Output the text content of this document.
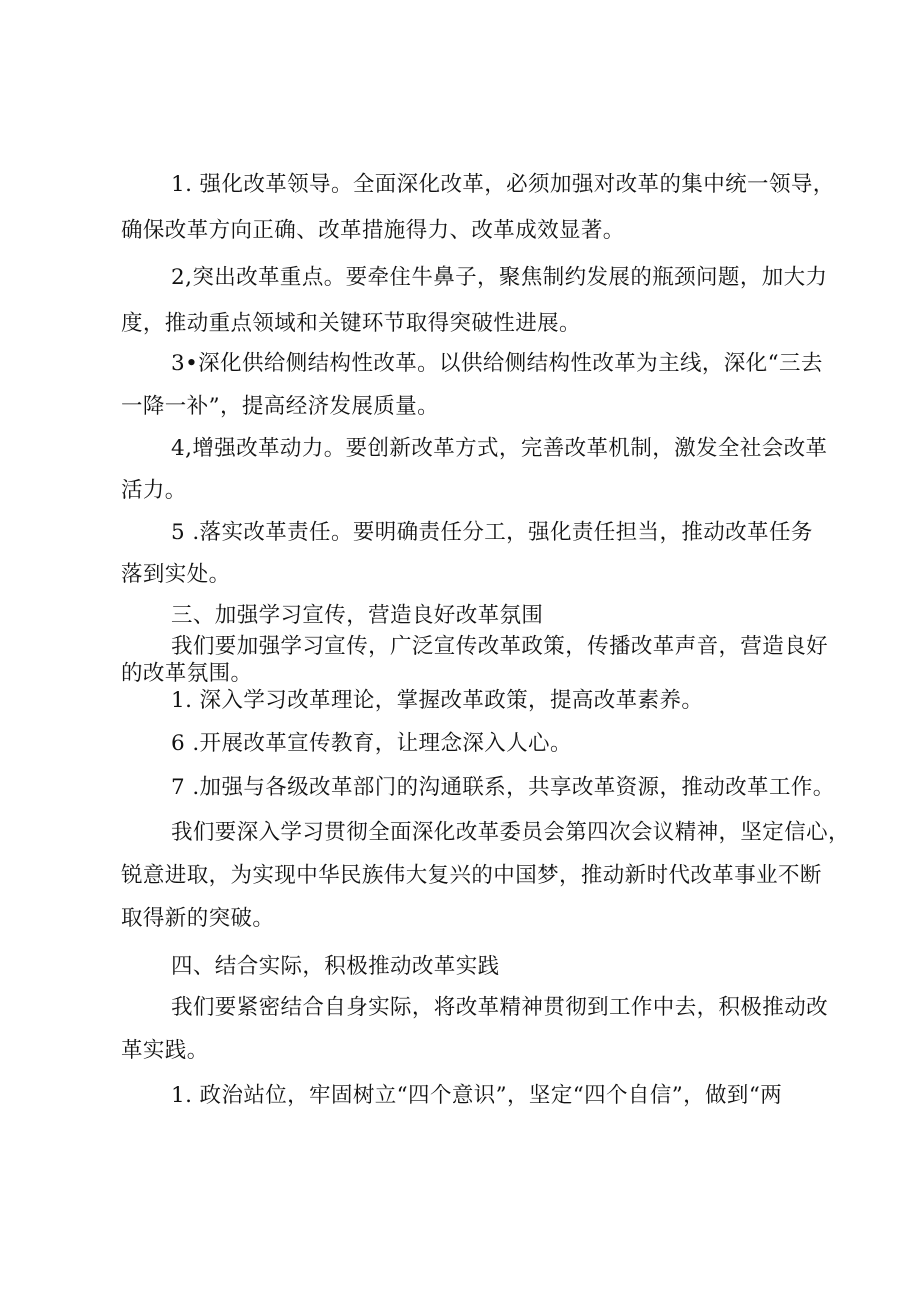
1. 强化改革领导。全面深化改革，必须加强对改革的集中统一领导，
确保改革方向正确、改革措施得力、改革成效显著。
2,突出改革重点。要牵住牛鼻子，聚焦制约发展的瓶颈问题，加大力
度，推动重点领域和关键环节取得突破性进展。
3•深化供给侧结构性改革。以供给侧结构性改革为主线，深化“三去
一降一补”，提高经济发展质量。
4,增强改革动力。要创新改革方式，完善改革机制，激发全社会改革
活力。
5 .落实改革责任。要明确责任分工，强化责任担当，推动改革任务
落到实处。
三、加强学习宣传，营造良好改革氛围
我们要加强学习宣传，广泛宣传改革政策，传播改革声音，营造良好
的改革氛围。
1. 深入学习改革理论，掌握改革政策，提高改革素养。
6 .开展改革宣传教育，让理念深入人心。
7 .加强与各级改革部门的沟通联系，共享改革资源，推动改革工作。
我们要深入学习贯彻全面深化改革委员会第四次会议精神，坚定信心，
锐意进取，为实现中华民族伟大复兴的中国梦，推动新时代改革事业不断
取得新的突破。
四、结合实际，积极推动改革实践
我们要紧密结合自身实际，将改革精神贯彻到工作中去，积极推动改
革实践。
1. 政治站位，牢固树立“四个意识”，坚定“四个自信”，做到“两
